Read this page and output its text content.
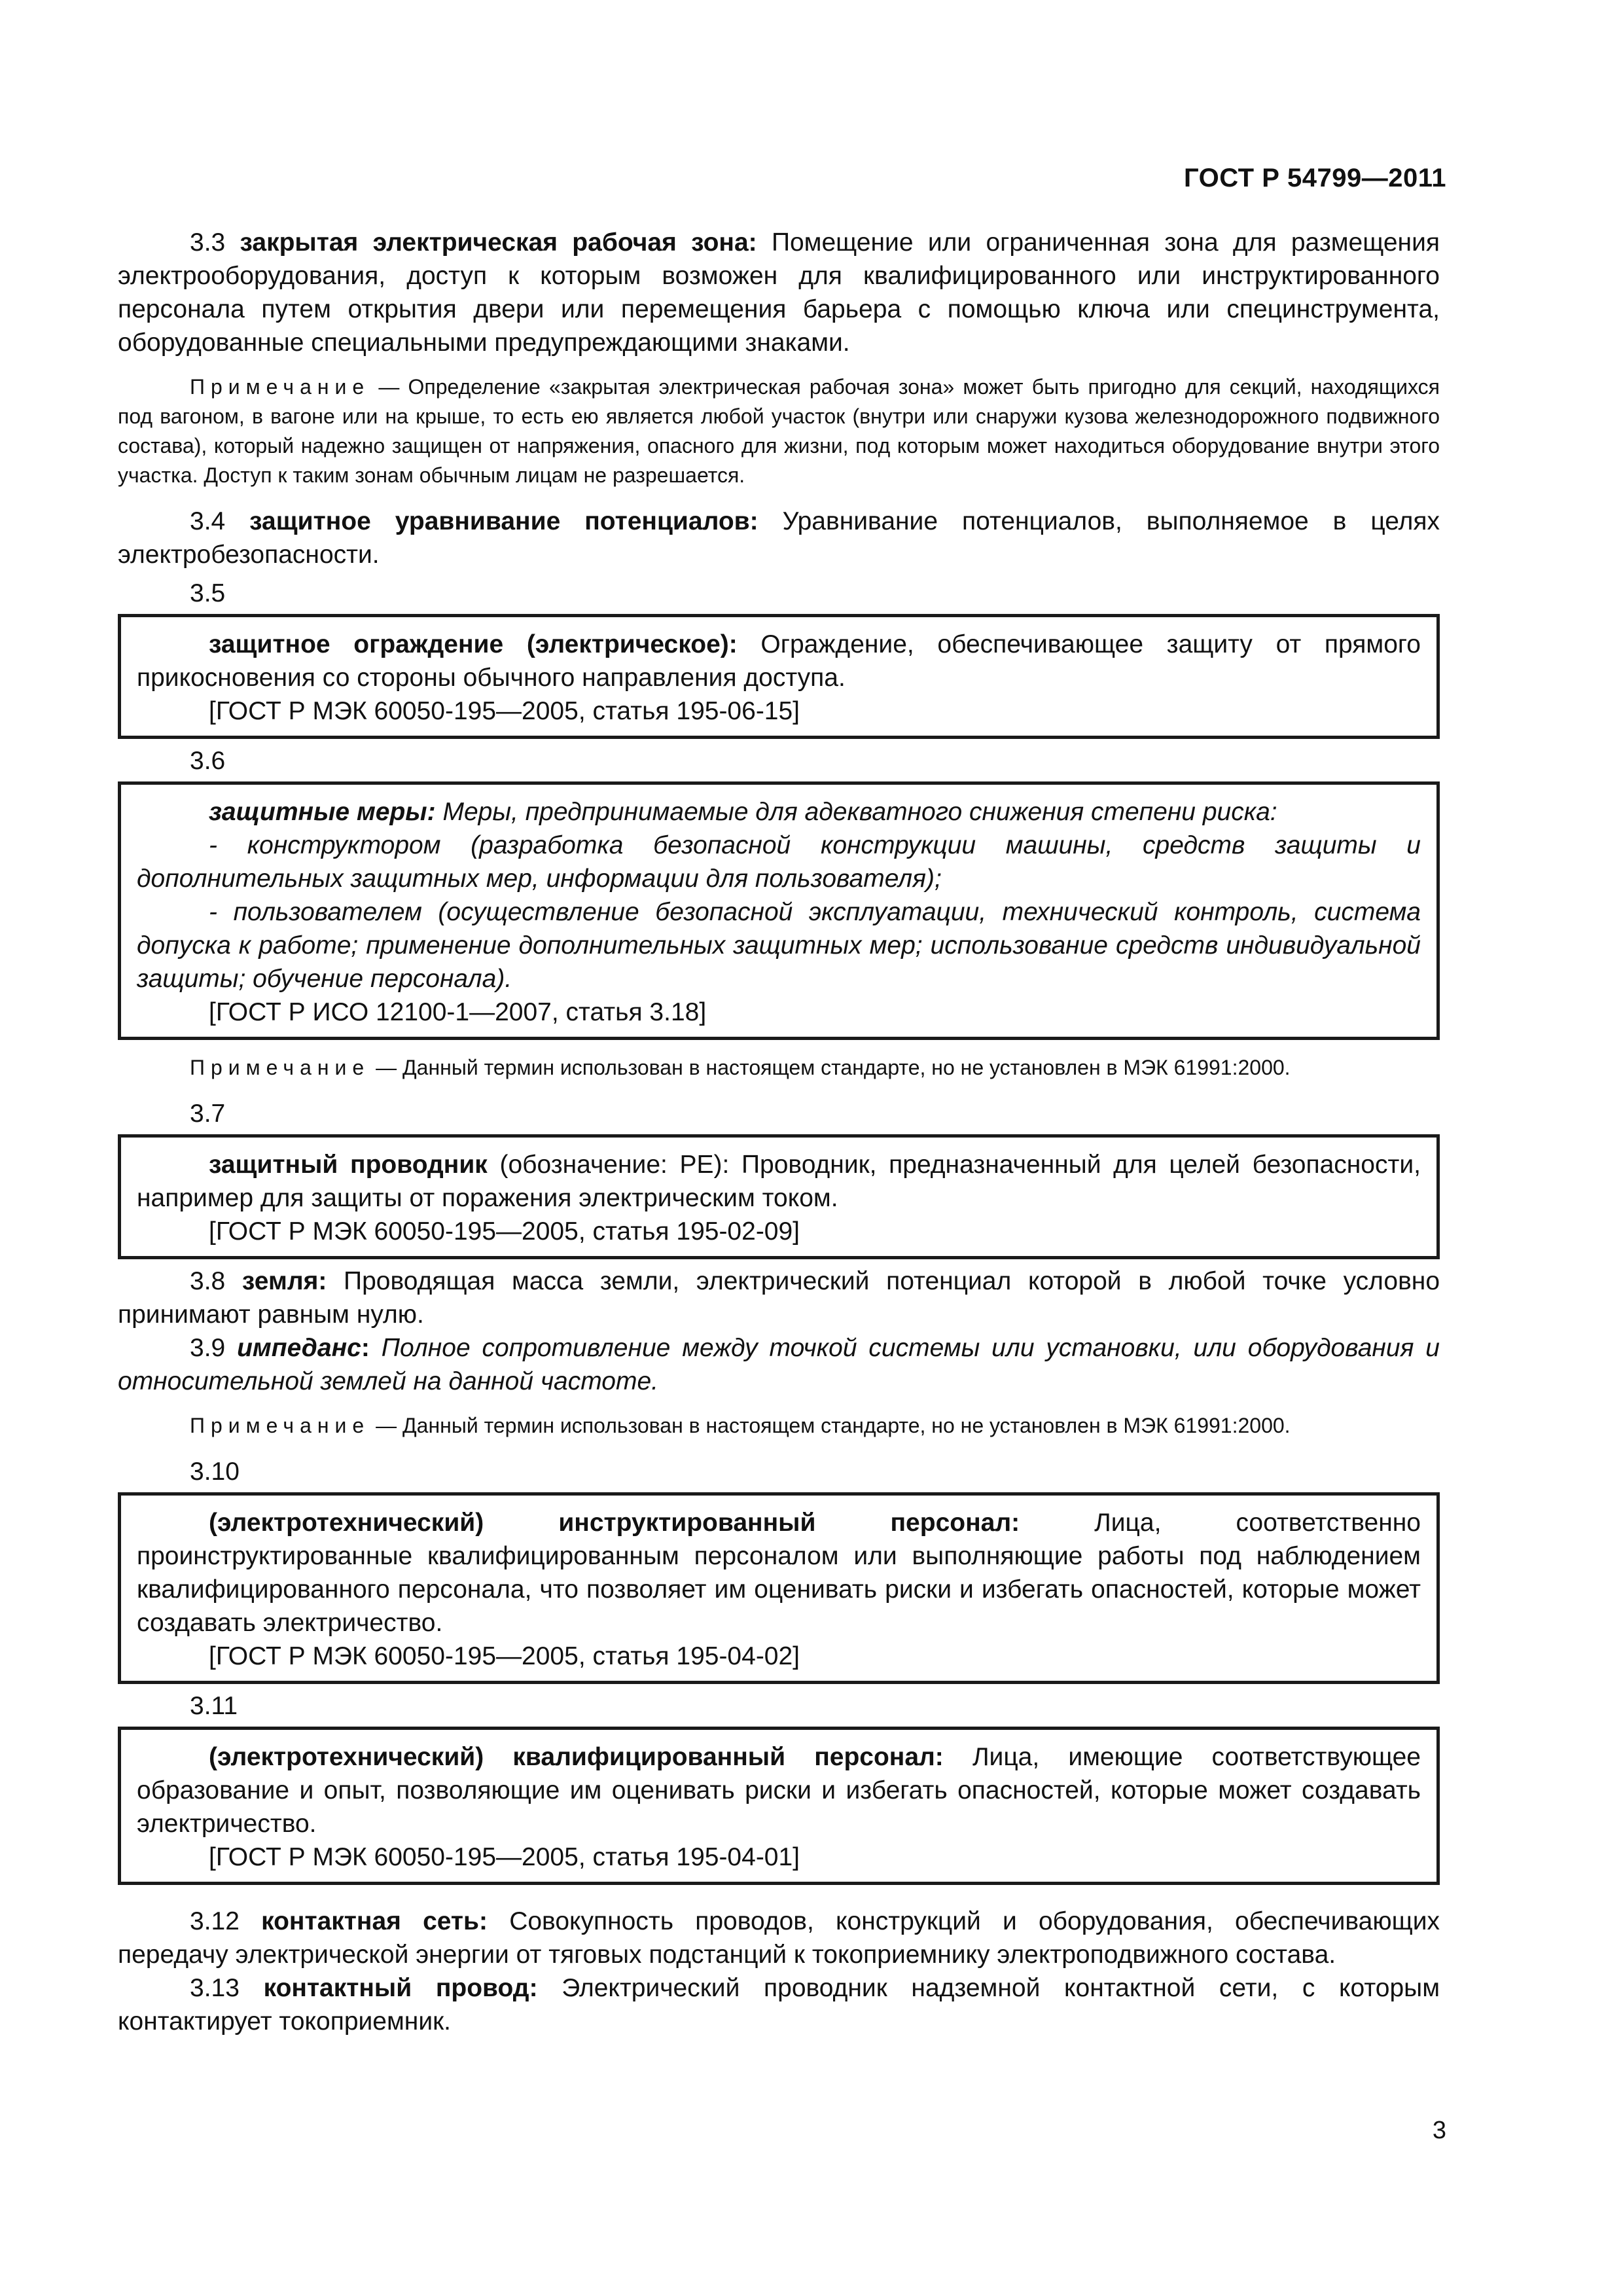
ГОСТ Р 54799—2011

3.3 закрытая электрическая рабочая зона: Помещение или ограниченная зона для размещения электрооборудования, доступ к которым возможен для квалифицированного или инструктированного персонала путем открытия двери или перемещения барьера с помощью ключа или специнструмента, оборудованные специальными предупреждающими знаками.

Примечание — Определение «закрытая электрическая рабочая зона» может быть пригодно для секций, находящихся под вагоном, в вагоне или на крыше, то есть ею является любой участок (внутри или снаружи кузова железнодорожного подвижного состава), который надежно защищен от напряжения, опасного для жизни, под которым может находиться оборудование внутри этого участка. Доступ к таким зонам обычным лицам не разрешается.

3.4 защитное уравнивание потенциалов: Уравнивание потенциалов, выполняемое в целях электробезопасности.

3.5

защитное ограждение (электрическое): Ограждение, обеспечивающее защиту от прямого прикосновения со стороны обычного направления доступа.

[ГОСТ Р МЭК 60050-195—2005, статья 195-06-15]
3.6

защитные меры: Меры, предпринимаемые для адекватного снижения степени риска:

- конструктором (разработка безопасной конструкции машины, средств защиты и дополнительных защитных мер, информации для пользователя);
- пользователем (осуществление безопасной эксплуатации, технический контроль, система допуска к работе; применение дополнительных защитных мер; использование средств индивидуальной защиты; обучение персонала).
[ГОСТ Р ИСО 12100-1—2007, статья 3.18]

Примечание — Данный термин использован в настоящем стандарте, но не установлен в МЭК 61991:2000.

3.7

защитный проводник (обозначение: РЕ): Проводник, предназначенный для целей безопасности, например для защиты от поражения электрическим током.

[ГОСТ Р МЭК 60050-195—2005, статья 195-02-09]

3.8 земля: Проводящая масса земли, электрический потенциал которой в любой точке условно принимают равным нулю.

3.9 импеданс: Полное сопротивление между точкой системы или установки, или оборудования и относительной землей на данной частоте.

Примечание — Данный термин использован в настоящем стандарте, но не установлен в МЭК 61991:2000.

3.10

(электротехнический) инструктированный персонал:	Лица, соответственно проинструктированные квалифицированным персоналом или выполняющие работы под наблюдением квалифицированного персонала, что позволяет им оценивать риски и избегать опасностей, которые может создавать электричество.

[ГОСТ Р МЭК 60050-195—2005, статья 195-04-02]
3.11

(электротехнический) квалифицированный персонал: Лица, имеющие соответствующее образование и опыт, позволяющие им оценивать риски и избегать опасностей, которые может создавать электричество.

[ГОСТ Р МЭК 60050-195—2005, статья 195-04-01]

3.12 контактная сеть: Совокупность проводов, конструкций и оборудования, обеспечивающих передачу электрической энергии от тяговых подстанций к токоприемнику электроподвижного состава.

3.13 контактный провод: Электрический проводник надземной контактной сети, с которым контактирует токоприемник.

3
